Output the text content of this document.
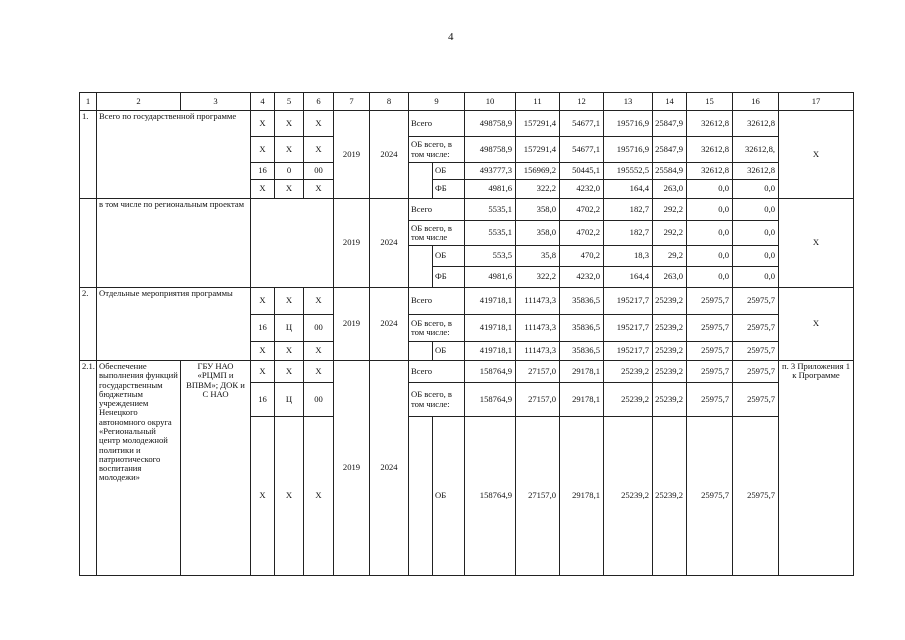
4
1	2	3	4	5	6	7	8	9		10	11	12	13	14	15	16	17
1.	Всего по государственной программе		Х	Х	Х	2019	2024	Всего		498758,9	157291,4	54677,1	195716,9	25847,9	32612,8	32612,8	Х
			Х	Х	Х			ОБ всего, в том числе:		498758,9	157291,4	54677,1	195716,9	25847,9	32612,8	32612,8,	
			16	0	00				ОБ	493777,3	156969,2	50445,1	195552,5	25584,9	32612,8	32612,8	
			Х	Х	Х				ФБ	4981,6	322,2	4232,0	164,4	263,0	0,0	0,0	
	в том числе по региональным проектам					2019	2024	Всего		5535,1	358,0	4702,2	182,7	292,2	0,0	0,0	Х
								ОБ всего, в том числе		5535,1	358,0	4702,2	182,7	292,2	0,0	0,0	
									ОБ	553,5	35,8	470,2	18,3	29,2	0,0	0,0	
									ФБ	4981,6	322,2	4232,0	164,4	263,0	0,0	0,0	
2.	Отдельные мероприятия программы		Х	Х	Х	2019	2024	Всего		419718,1	111473,3	35836,5	195217,7	25239,2	25975,7	25975,7	Х
			16	Ц	00			ОБ всего, в том числе:		419718,1	111473,3	35836,5	195217,7	25239,2	25975,7	25975,7	
			Х	Х	Х				ОБ	419718,1	111473,3	35836,5	195217,7	25239,2	25975,7	25975,7	
2.1.	Обеспечение выполнения функций государственным бюджетным учреждением Ненецкого автономного округа «Региональный центр молодежной политики и патриотического воспитания молодежи»	ГБУ НАО «РЦМП и ВПВМ»; ДОК и С НАО	Х	Х	Х	2019	2024	Всего		158764,9	27157,0	29178,1	25239,2	25239,2	25975,7	25975,7	п. 3 Приложения 1 к Программе
			16	Ц	00			ОБ всего, в том числе:		158764,9	27157,0	29178,1	25239,2	25239,2	25975,7	25975,7	
			Х	Х	Х				ОБ	158764,9	27157,0	29178,1	25239,2	25239,2	25975,7	25975,7	
